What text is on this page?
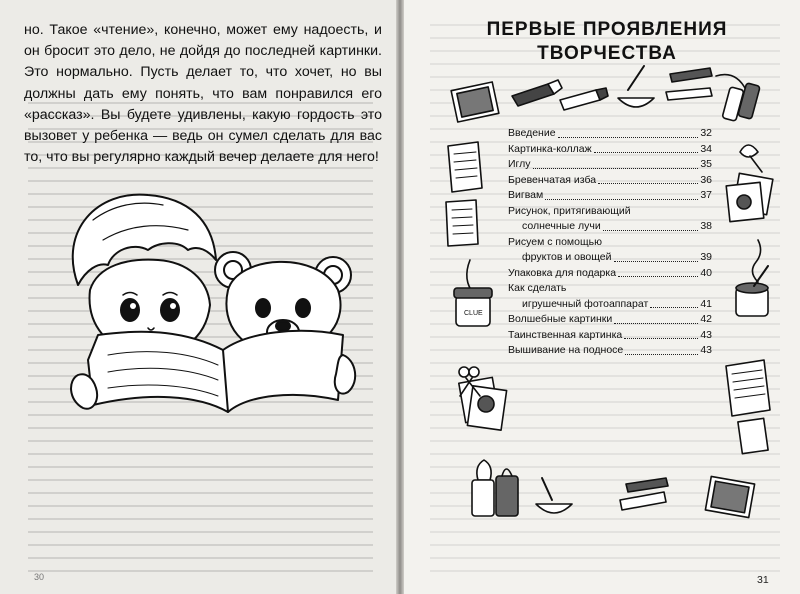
но. Такое «чтение», конечно, может ему надоесть, и он бросит это дело, не дойдя до последней картинки. Это нормально. Пусть делает то, что хочет, но вы должны дать ему понять, что вам понравился его «рассказ». Вы будете удивлены, какую гордость это вызовет у ребенка — ведь он сумел сделать для вас то, что вы регулярно каждый вечер делаете для него!

30
ПЕРВЫЕ ПРОЯВЛЕНИЯ
ТВОРЧЕСТВА
CLUE
Введение	32
Картинка-коллаж	34
Иглу	35
Бревенчатая изба	36
Вигвам	37
Рисунок, притягивающий
солнечные лучи	38
Рисуем с помощью
фруктов и овощей	39
Упаковка для подарка	40
Как сделать
игрушечный фотоаппарат	41
Волшебные картинки	42
Таинственная картинка	43
Вышивание на подносе	43
31
